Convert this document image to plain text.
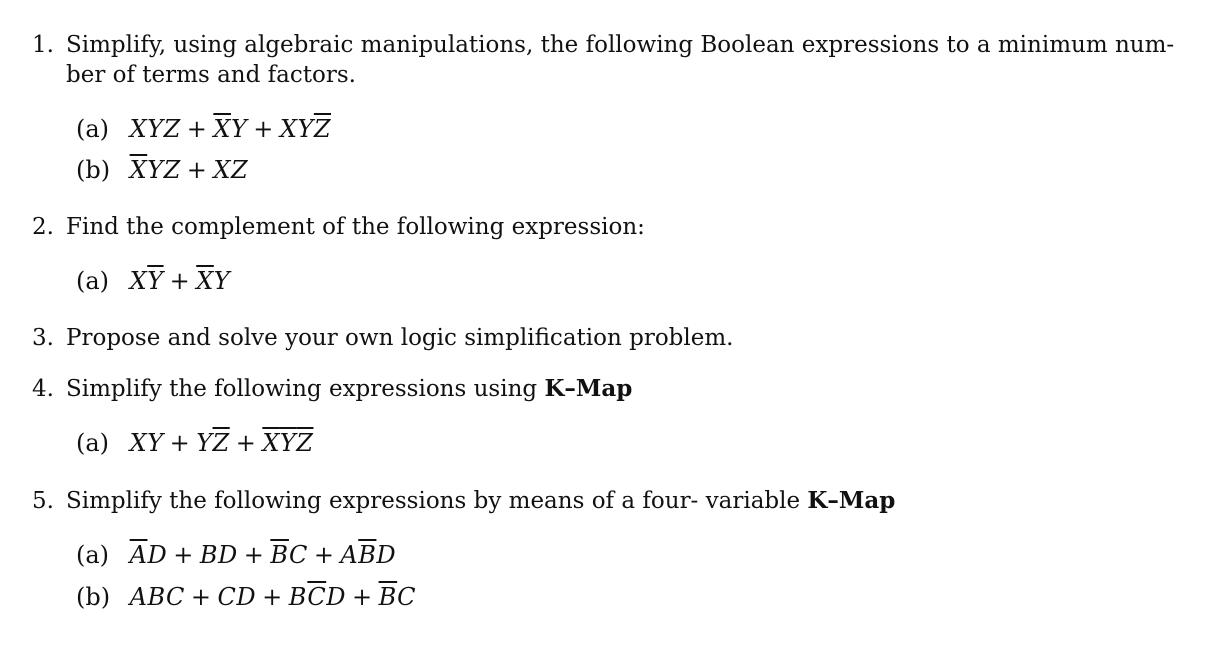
1. Simplify, using algebraic manipulations, the following Boolean expressions to a minimum num-
ber of terms and factors.
(a) XYZ + $\overline{X}Y + XY\overline{Z}$
(b) $\overline{X}YZ$ + XZ
2. Find the complement of the following expression:
(a) $X\overline{Y} + \overline{X}Y$
3. Propose and solve your own logic simplification problem.
4. Simplify the following expressions using K–Map
(a) XY + $Y\overline{Z} + \overline{X}\overline{Y}\overline{Z}$
5. Simplify the following expressions by means of a four- variable K–Map
(a) $\overline{A}D$ + BD + $\overline{B}C + A\overline{B}D$
(b) ABC + CD + $B\overline{C}D + \overline{B}C$
